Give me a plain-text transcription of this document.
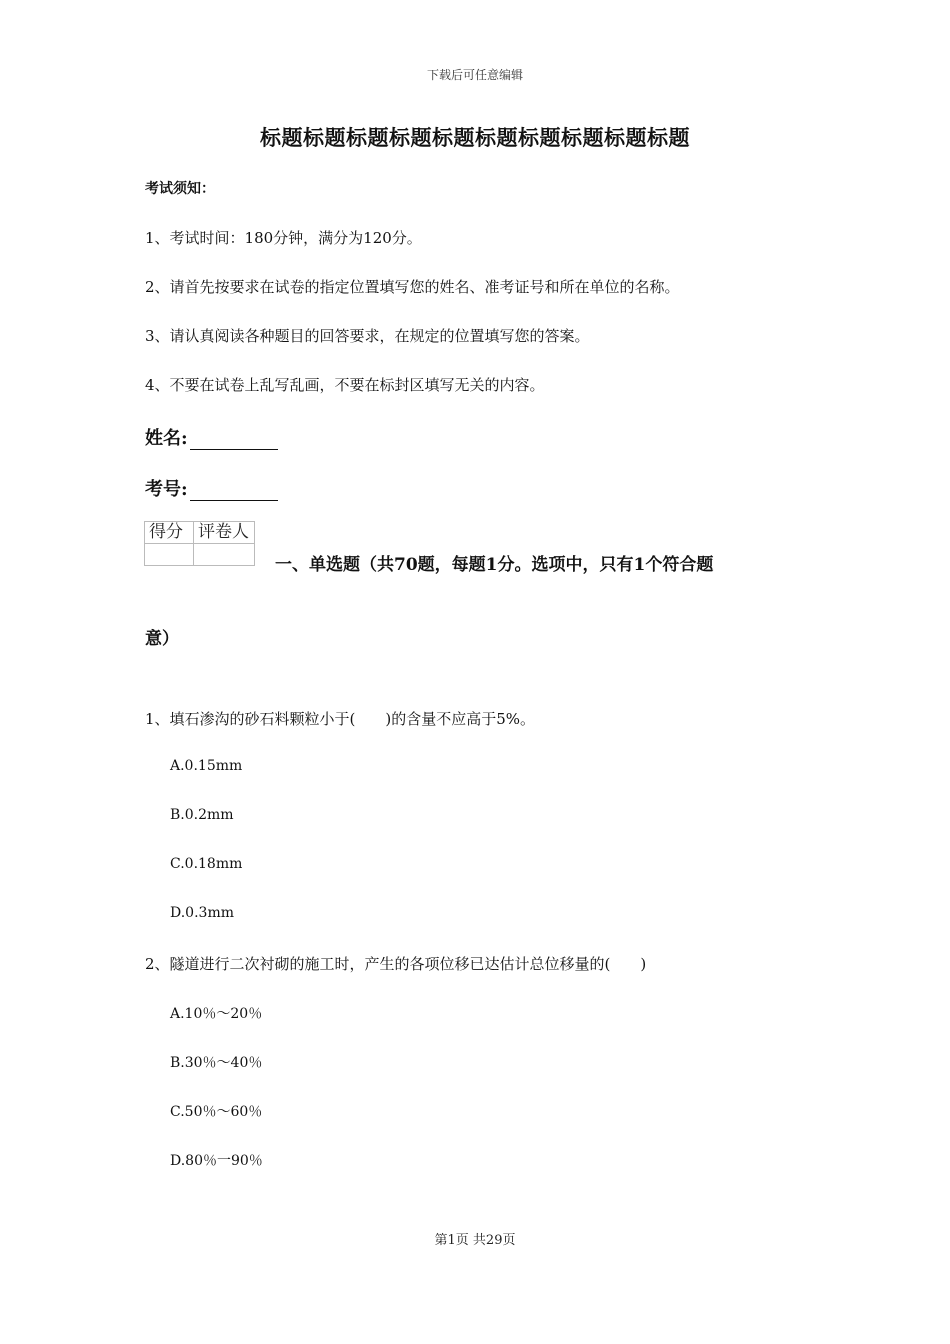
下载后可任意编辑
标题标题标题标题标题标题标题标题标题标题
考试须知：
1、考试时间：180分钟，满分为120分。
2、请首先按要求在试卷的指定位置填写您的姓名、准考证号和所在单位的名称。
3、请认真阅读各种题目的回答要求，在规定的位置填写您的答案。
4、不要在试卷上乱写乱画，不要在标封区填写无关的内容。
姓名:
考号:
得分	评卷人

一、单选题（共70题，每题1分。选项中，只有1个符合题
意）
1、填石渗沟的砂石料颗粒小于(　　)的含量不应高于5%。
A.0.15mm
B.0.2mm
C.0.18mm
D.0.3mm
2、隧道进行二次衬砌的施工时，产生的各项位移已达估计总位移量的(　　)
A.10％～20％
B.30％～40％
C.50％～60％
D.80％一90％
第1页 共29页
